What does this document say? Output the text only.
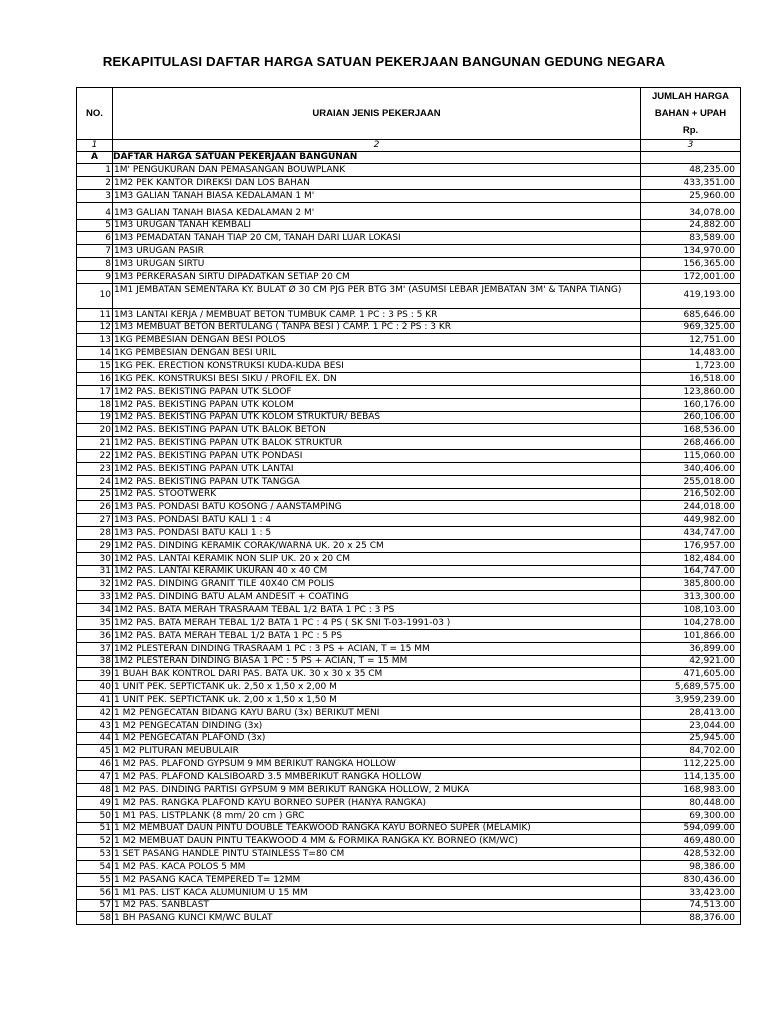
REKAPITULASI DAFTAR HARGA SATUAN PEKERJAAN BANGUNAN GEDUNG NEGARA
NO.	URAIAN JENIS PEKERJAAN	JUMLAH HARGA
BAHAN + UPAH
Rp.

1	2	3
A	DAFTAR HARGA SATUAN PEKERJAAN BANGUNAN	
1	1M' PENGUKURAN DAN PEMASANGAN BOUWPLANK	48,235.00
2	1M2 PEK KANTOR DIREKSI DAN LOS BAHAN	433,351.00
3	1M3 GALIAN TANAH BIASA KEDALAMAN 1 M'	25,960.00
4	1M3 GALIAN TANAH BIASA KEDALAMAN 2 M'	34,078.00
5	1M3 URUGAN TANAH KEMBALI	24,882.00
6	1M3 PEMADATAN TANAH TIAP 20 CM, TANAH DARI LUAR LOKASI	83,589.00
7	1M3 URUGAN PASIR	134,970.00
8	1M3 URUGAN SIRTU	156,365.00
9	1M3 PERKERASAN SIRTU DIPADATKAN SETIAP 20 CM	172,001.00
10	1M1 JEMBATAN SEMENTARA KY. BULAT Ø 30 CM PJG PER BTG 3M' (ASUMSI LEBAR JEMBATAN 3M' & TANPA TIANG)	419,193.00
11	1M3 LANTAI KERJA / MEMBUAT BETON TUMBUK CAMP. 1 PC : 3 PS : 5 KR	685,646.00
12	1M3 MEMBUAT BETON BERTULANG ( TANPA BESI ) CAMP. 1 PC : 2 PS : 3 KR	969,325.00
13	1KG PEMBESIAN DENGAN BESI POLOS	12,751.00
14	1KG PEMBESIAN DENGAN BESI URIL	14,483.00
15	1KG PEK. ERECTION KONSTRUKSI KUDA-KUDA BESI	1,723.00
16	1KG PEK. KONSTRUKSI BESI SIKU / PROFIL EX. DN	16,518.00
17	1M2 PAS. BEKISTING PAPAN UTK SLOOF	123,860.00
18	1M2 PAS. BEKISTING PAPAN UTK KOLOM	160,176.00
19	1M2 PAS. BEKISTING PAPAN UTK KOLOM STRUKTUR/ BEBAS	260,106.00
20	1M2 PAS. BEKISTING PAPAN UTK BALOK BETON	168,536.00
21	1M2 PAS. BEKISTING PAPAN UTK BALOK STRUKTUR	268,466.00
22	1M2 PAS. BEKISTING PAPAN UTK PONDASI	115,060.00
23	1M2 PAS. BEKISTING PAPAN UTK LANTAI	340,406.00
24	1M2 PAS. BEKISTING PAPAN UTK TANGGA	255,018.00
25	1M2 PAS. STOOTWERK	216,502.00
26	1M3 PAS. PONDASI BATU KOSONG / AANSTAMPING	244,018.00
27	1M3 PAS. PONDASI BATU KALI 1 : 4	449,982.00
28	1M3 PAS. PONDASI BATU KALI 1 : 5	434,747.00
29	1M2 PAS. DINDING KERAMIK CORAK/WARNA UK. 20 x 25 CM	176,957.00
30	1M2 PAS. LANTAI KERAMIK NON SLIP UK. 20 x 20 CM	182,484.00
31	1M2 PAS. LANTAI KERAMIK UKURAN 40 x 40 CM	164,747.00
32	1M2 PAS. DINDING GRANIT TILE 40X40 CM POLIS	385,800.00
33	1M2 PAS. DINDING BATU ALAM ANDESIT + COATING	313,300.00
34	1M2 PAS. BATA MERAH TRASRAAM TEBAL 1/2 BATA 1 PC : 3 PS	108,103.00
35	1M2 PAS. BATA MERAH TEBAL 1/2 BATA 1 PC : 4 PS ( SK SNI T-03-1991-03 )	104,278.00
36	1M2 PAS. BATA MERAH TEBAL 1/2 BATA 1 PC : 5 PS	101,866.00
37	1M2 PLESTERAN DINDING TRASRAAM 1 PC : 3 PS + ACIAN, T = 15 MM	36,899.00
38	1M2 PLESTERAN DINDING BIASA 1 PC : 5 PS + ACIAN, T = 15 MM	42,921.00
39	1 BUAH BAK KONTROL DARI PAS. BATA UK. 30 x 30 x 35 CM	471,605.00
40	1 UNIT PEK. SEPTICTANK uk. 2,50 x 1,50 x 2,00 M	5,689,575.00
41	1 UNIT PEK. SEPTICTANK uk. 2,00 x 1,50 x 1,50 M	3,959,239.00
42	1 M2 PENGECATAN BIDANG KAYU BARU (3x) BERIKUT MENI	28,413.00
43	1 M2 PENGECATAN DINDING (3x)	23,044.00
44	1 M2 PENGECATAN PLAFOND (3x)	25,945.00
45	1 M2 PLITURAN MEUBULAIR	84,702.00
46	1 M2 PAS. PLAFOND GYPSUM 9 MM BERIKUT RANGKA HOLLOW	112,225.00
47	1 M2 PAS. PLAFOND KALSIBOARD 3.5 MMBERIKUT RANGKA HOLLOW	114,135.00
48	1 M2 PAS. DINDING PARTISI GYPSUM 9 MM BERIKUT RANGKA HOLLOW, 2 MUKA	168,983.00
49	1 M2 PAS. RANGKA PLAFOND KAYU BORNEO SUPER (HANYA RANGKA)	80,448.00
50	1 M1 PAS. LISTPLANK (8 mm/ 20 cm ) GRC	69,300.00
51	1 M2 MEMBUAT DAUN PINTU DOUBLE TEAKWOOD RANGKA KAYU BORNEO SUPER (MELAMIK)	594,099.00
52	1 M2 MEMBUAT DAUN PINTU TEAKWOOD 4 MM & FORMIKA RANGKA KY. BORNEO (KM/WC)	469,480.00
53	1 SET PASANG HANDLE PINTU STAINLESS T=80 CM	428,532.00
54	1 M2 PAS. KACA POLOS 5 MM	98,386.00
55	1 M2 PASANG KACA TEMPERED T= 12MM	830,436.00
56	1 M1 PAS. LIST KACA ALUMUNIUM U 15 MM	33,423.00
57	1 M2 PAS. SANBLAST	74,513.00
58	1 BH PASANG KUNCI KM/WC BULAT	88,376.00
